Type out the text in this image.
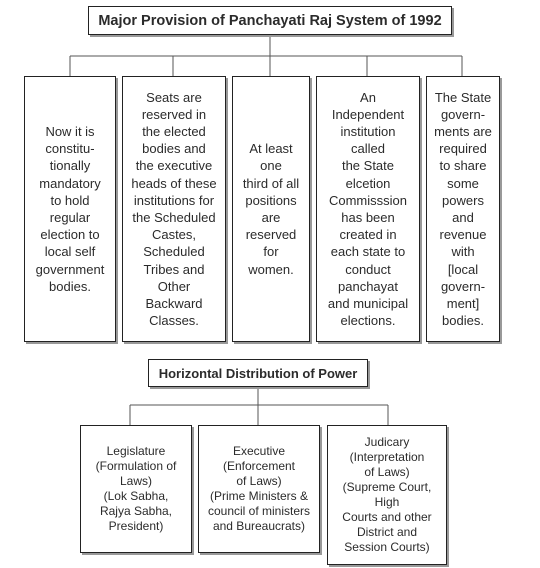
Major Provision of Panchayati Raj System of 1992
Now it is
constitu-
tionally
mandatory
to hold
regular
election to
local self
government
bodies.
Seats are
reserved in
the elected
bodies and
the executive
heads of these
institutions for
the Scheduled
Castes,
Scheduled
Tribes and
Other
Backward
Classes.
At least
one
third of all
positions
are
reserved
for
women.
An
Independent
institution
called
the State
elcetion
Commisssion
has been
created in
each state to
conduct
panchayat
and municipal
elections.
The State
govern-
ments are
required
to share
some
powers
and
revenue
with
[local
govern-
ment]
bodies.
Horizontal Distribution of Power
Legislature
(Formulation of
Laws)
(Lok Sabha,
Rajya Sabha,
President)
Executive
(Enforcement
of Laws)
(Prime Ministers &
council of ministers
and Bureaucrats)
Judicary
(Interpretation
of Laws)
(Supreme Court,
High
Courts and other
District and
Session Courts)
